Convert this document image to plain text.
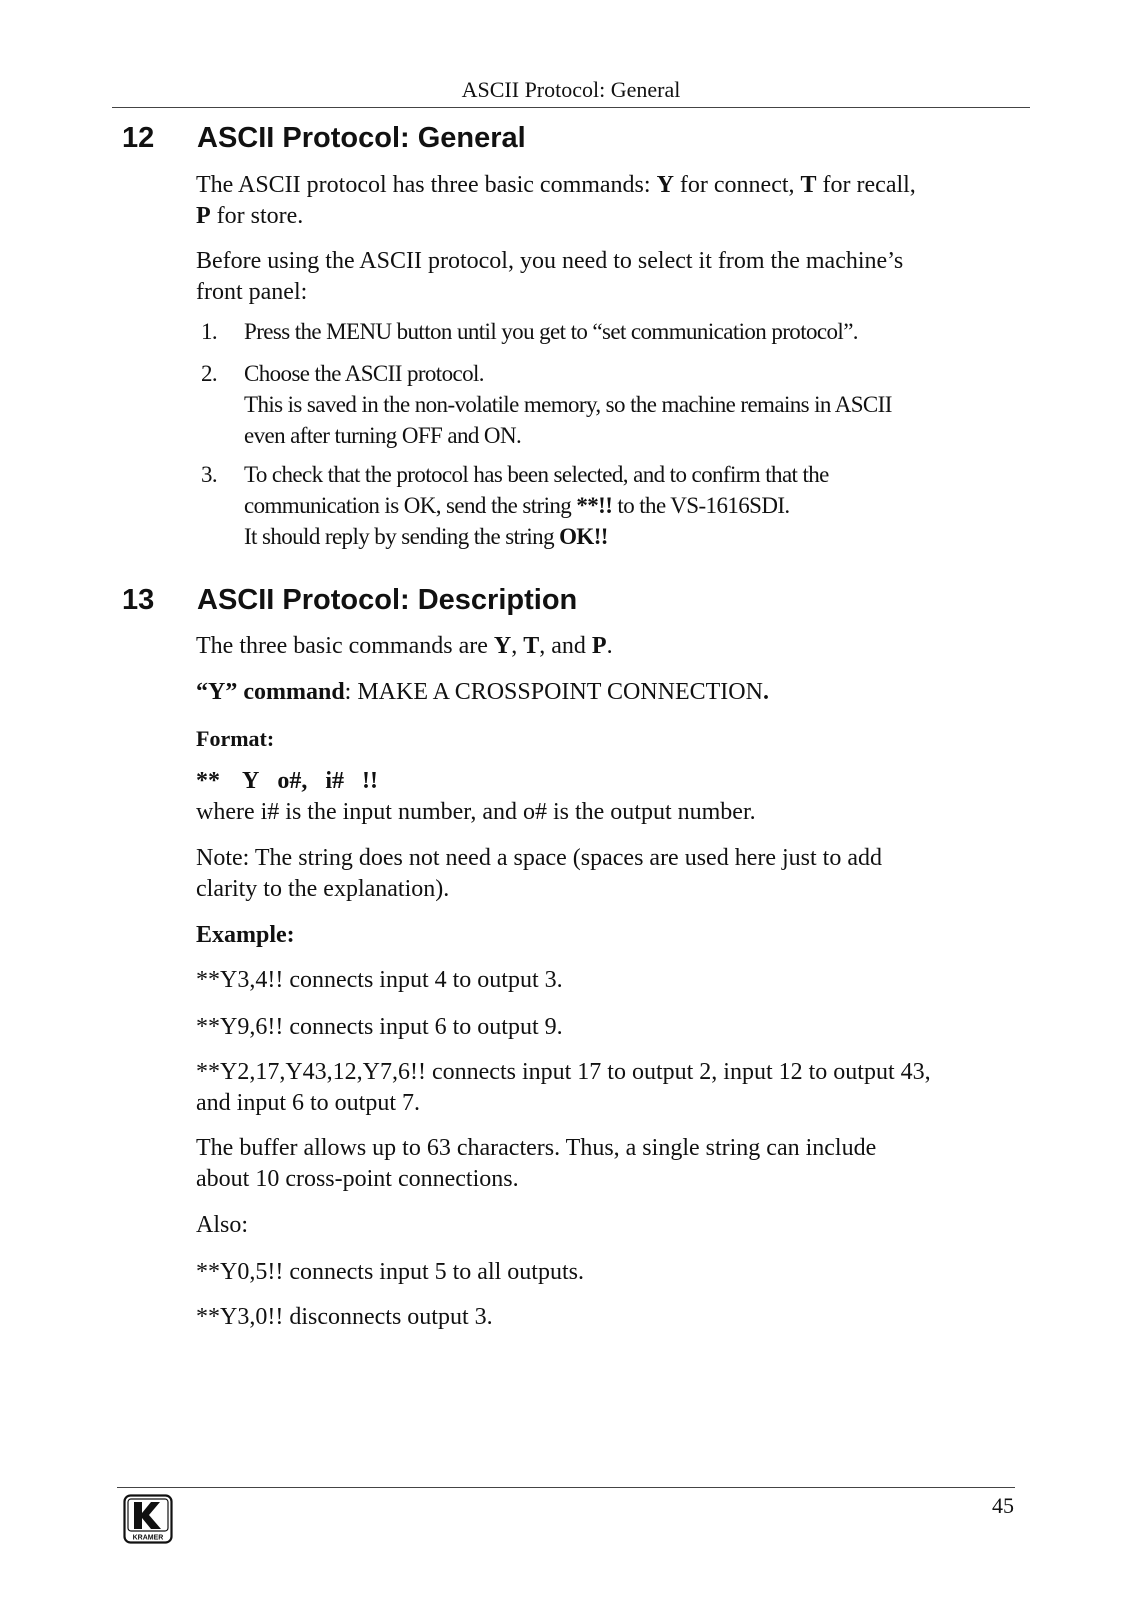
ASCII Protocol: General
12 ASCII Protocol: General

The ASCII protocol has three basic commands: Y for connect, T for recall,
P for store.

Before using the ASCII protocol, you need to select it from the machine’s
front panel:

1. Press the MENU button until you get to “set communication protocol”.
2. Choose the ASCII protocol.
This is saved in the non-volatile memory, so the machine remains in ASCII
even after turning OFF and ON.
3. To check that the protocol has been selected, and to confirm that the
communication is OK, send the string **!! to the VS-1616SDI.
It should reply by sending the string OK!!
13 ASCII Protocol: Description

The three basic commands are Y, T, and P.

“Y” command: MAKE A CROSSPOINT CONNECTION.

Format:

** Y o#, i# !!

where i# is the input number, and o# is the output number.

Note: The string does not need a space (spaces are used here just to add
clarity to the explanation).

Example:

**Y3,4!! connects input 4 to output 3.

**Y9,6!! connects input 6 to output 9.

**Y2,17,Y43,12,Y7,6!! connects input 17 to output 2, input 12 to output 43,
and input 6 to output 7.

The buffer allows up to 63 characters. Thus, a single string can include
about 10 cross-point connections.

Also:

**Y0,5!! connects input 5 to all outputs.

**Y3,0!! disconnects output 3.

45
KRAMER
